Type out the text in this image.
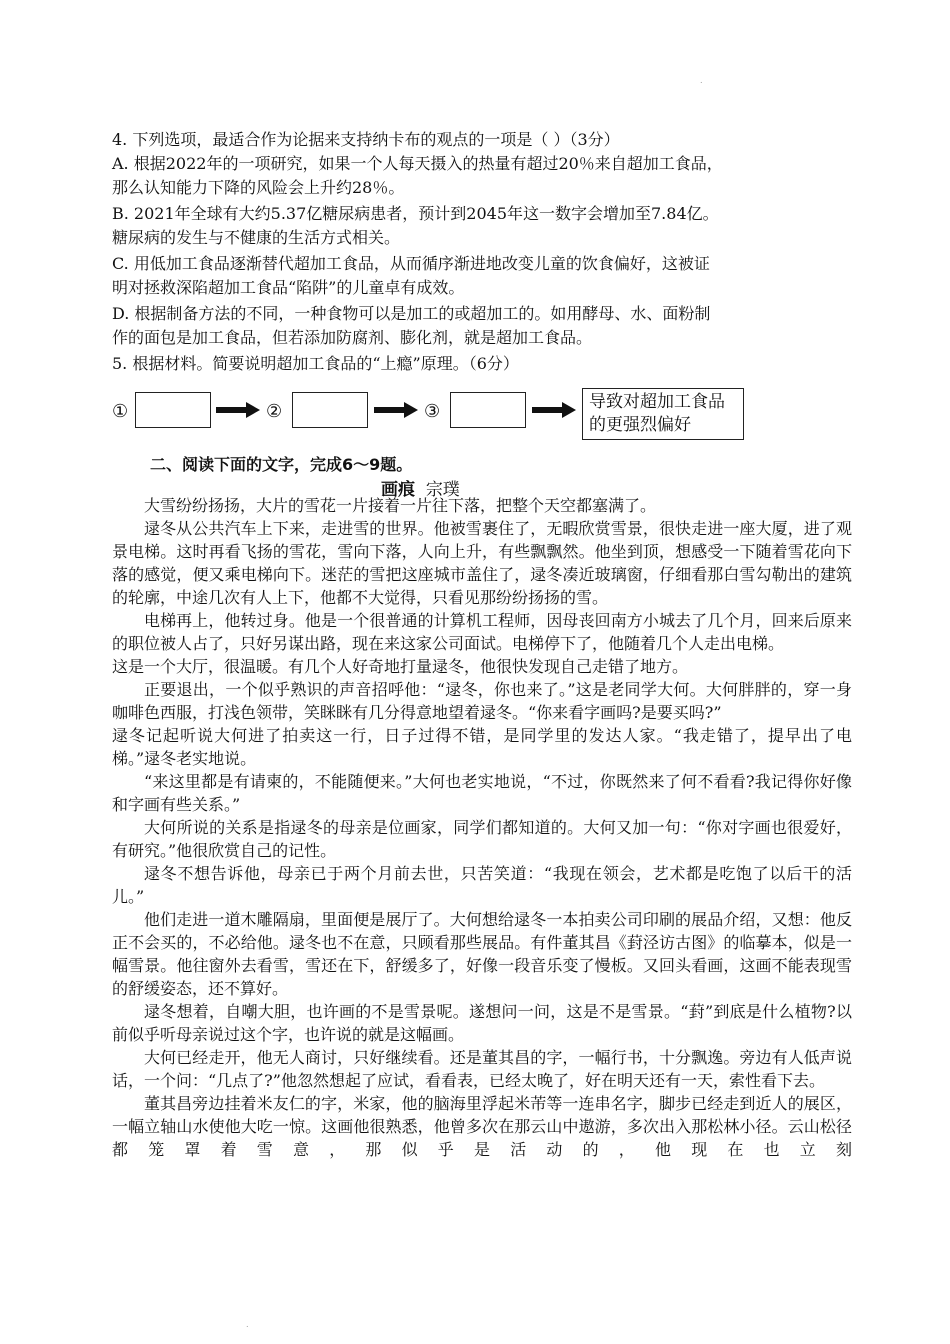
.
4. 下列选项，最适合作为论据来支持纳卡布的观点的一项是（ ）（3分）
A. 根据2022年的一项研究，如果一个人每天摄入的热量有超过20％来自超加工食品，
那么认知能力下降的风险会上升约28％。
B. 2021年全球有大约5.37亿糖尿病患者，预计到2045年这一数字会增加至7.84亿。
糖尿病的发生与不健康的生活方式相关。
C. 用低加工食品逐渐替代超加工食品，从而循序渐进地改变儿童的饮食偏好，这被证
明对拯救深陷超加工食品“陷阱”的儿童卓有成效。
D. 根据制备方法的不同，一种食物可以是加工的或超加工的。如用酵母、水、面粉制
作的面包是加工食品，但若添加防腐剂、膨化剂，就是超加工食品。
5. 根据材料。简要说明超加工食品的“上瘾”原理。（6分）
①	②	③	导致对超加工食品
的更强烈偏好
二、阅读下面的文字，完成6～9题。
画痕 宗璞

大雪纷纷扬扬，大片的雪花一片接着一片往下落，把整个天空都塞满了。

逯冬从公共汽车上下来，走进雪的世界。他被雪裹住了，无暇欣赏雪景，很快走进一座大厦，进了观景电梯。这时再看飞扬的雪花，雪向下落，人向上升，有些飘飘然。他坐到顶，想感受一下随着雪花向下落的感觉，便又乘电梯向下。迷茫的雪把这座城市盖住了，逯冬凑近玻璃窗，仔细看那白雪勾勒出的建筑的轮廓，中途几次有人上下，他都不大觉得，只看见那纷纷扬扬的雪。

电梯再上，他转过身。他是一个很普通的计算机工程师，因母丧回南方小城去了几个月，回来后原来的职位被人占了，只好另谋出路，现在来这家公司面试。电梯停下了，他随着几个人走出电梯。

这是一个大厅，很温暖。有几个人好奇地打量逯冬，他很快发现自己走错了地方。

正要退出，一个似乎熟识的声音招呼他：“逯冬，你也来了。”这是老同学大何。大何胖胖的，穿一身咖啡色西服，打浅色领带，笑眯眯有几分得意地望着逯冬。“你来看字画吗?是要买吗?”

逯冬记起听说大何进了拍卖这一行，日子过得不错，是同学里的发达人家。“我走错了，提早出了电梯。”逯冬老实地说。

“来这里都是有请柬的，不能随便来。”大何也老实地说，“不过，你既然来了何不看看?我记得你好像和字画有些关系。”

大何所说的关系是指逯冬的母亲是位画家，同学们都知道的。大何又加一句：“你对字画也很爱好，有研究。”他很欣赏自己的记性。

逯冬不想告诉他，母亲已于两个月前去世，只苦笑道：“我现在领会，艺术都是吃饱了以后干的活儿。”

他们走进一道木雕隔扇，里面便是展厅了。大何想给逯冬一本拍卖公司印刷的展品介绍，又想：他反正不会买的，不必给他。逯冬也不在意，只顾看那些展品。有件董其昌《葑泾访古图》的临摹本，似是一幅雪景。他往窗外去看雪，雪还在下，舒缓多了，好像一段音乐变了慢板。又回头看画，这画不能表现雪的舒缓姿态，还不算好。

逯冬想着，自嘲大胆，也许画的不是雪景呢。遂想问一问，这是不是雪景。“葑”到底是什么植物?以前似乎听母亲说过这个字，也许说的就是这幅画。

大何已经走开，他无人商讨，只好继续看。还是董其昌的字，一幅行书，十分飘逸。旁边有人低声说话，一个问：“几点了?”他忽然想起了应试，看看表，已经太晚了，好在明天还有一天，索性看下去。

董其昌旁边挂着米友仁的字，米家，他的脑海里浮起米芾等一连串名字，脚步已经走到近人的展区，一幅立轴山水使他大吃一惊。这画他很熟悉，他曾多次在那云山中遨游，多次出入那松林小径。云山松径都笼罩着雪意，那似乎是活动的，他现在也立刻

.
